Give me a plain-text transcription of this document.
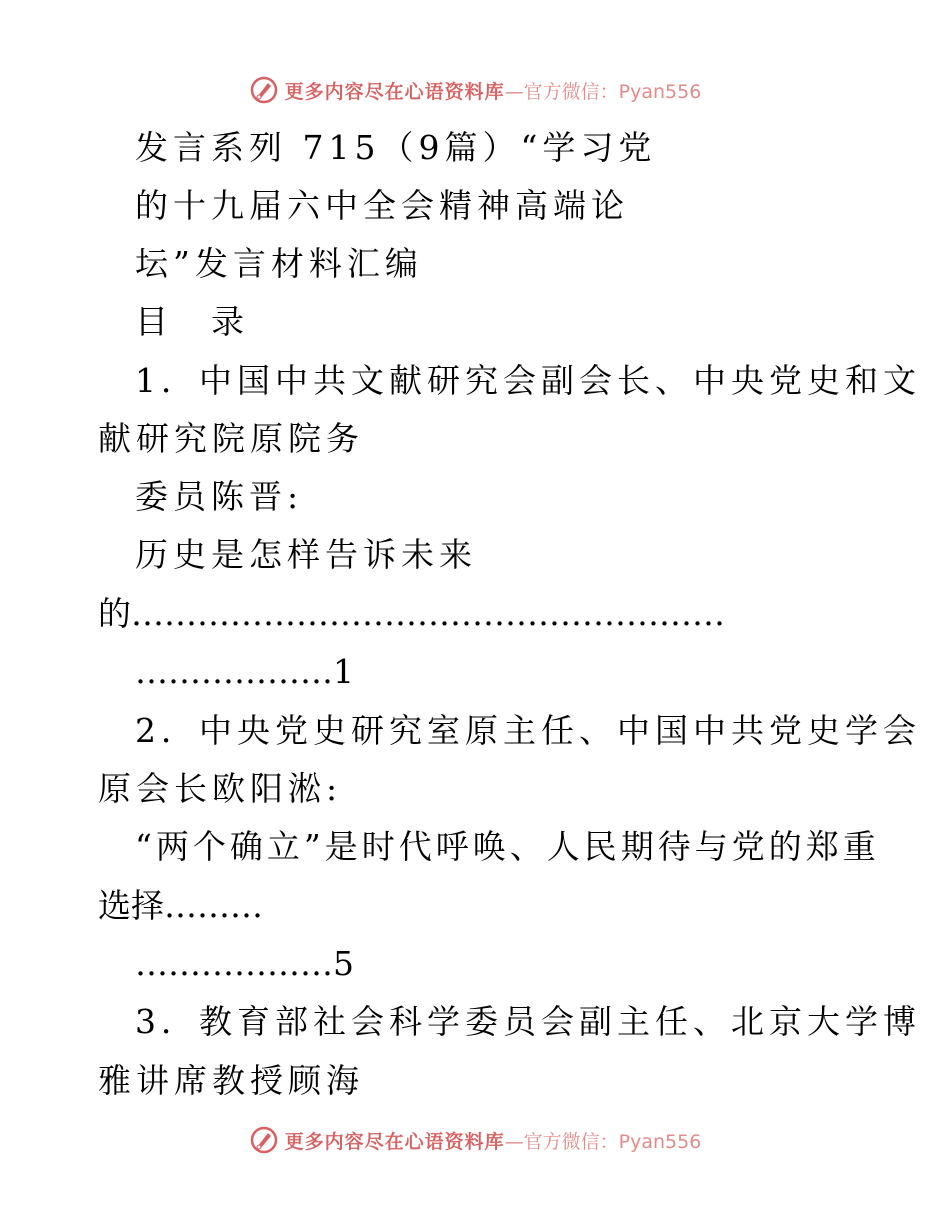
更多内容尽在心语资料库 —官方微信：Pyan556
发言系列 715（9篇）“学习党
的十九届六中全会精神高端论
坛”发言材料汇编
目　录
1．中国中共文献研究会副会长、中央党史和文
献研究院原院务
委员陈晋:
历史是怎样告诉未来
的………………………………………………
………………1
2．中央党史研究室原主任、中国中共党史学会
原会长欧阳淞:
“两个确立”是时代呼唤、人民期待与党的郑重
选择………
………………5
3．教育部社会科学委员会副主任、北京大学博
雅讲席教授顾海
更多内容尽在心语资料库 —官方微信：Pyan556
